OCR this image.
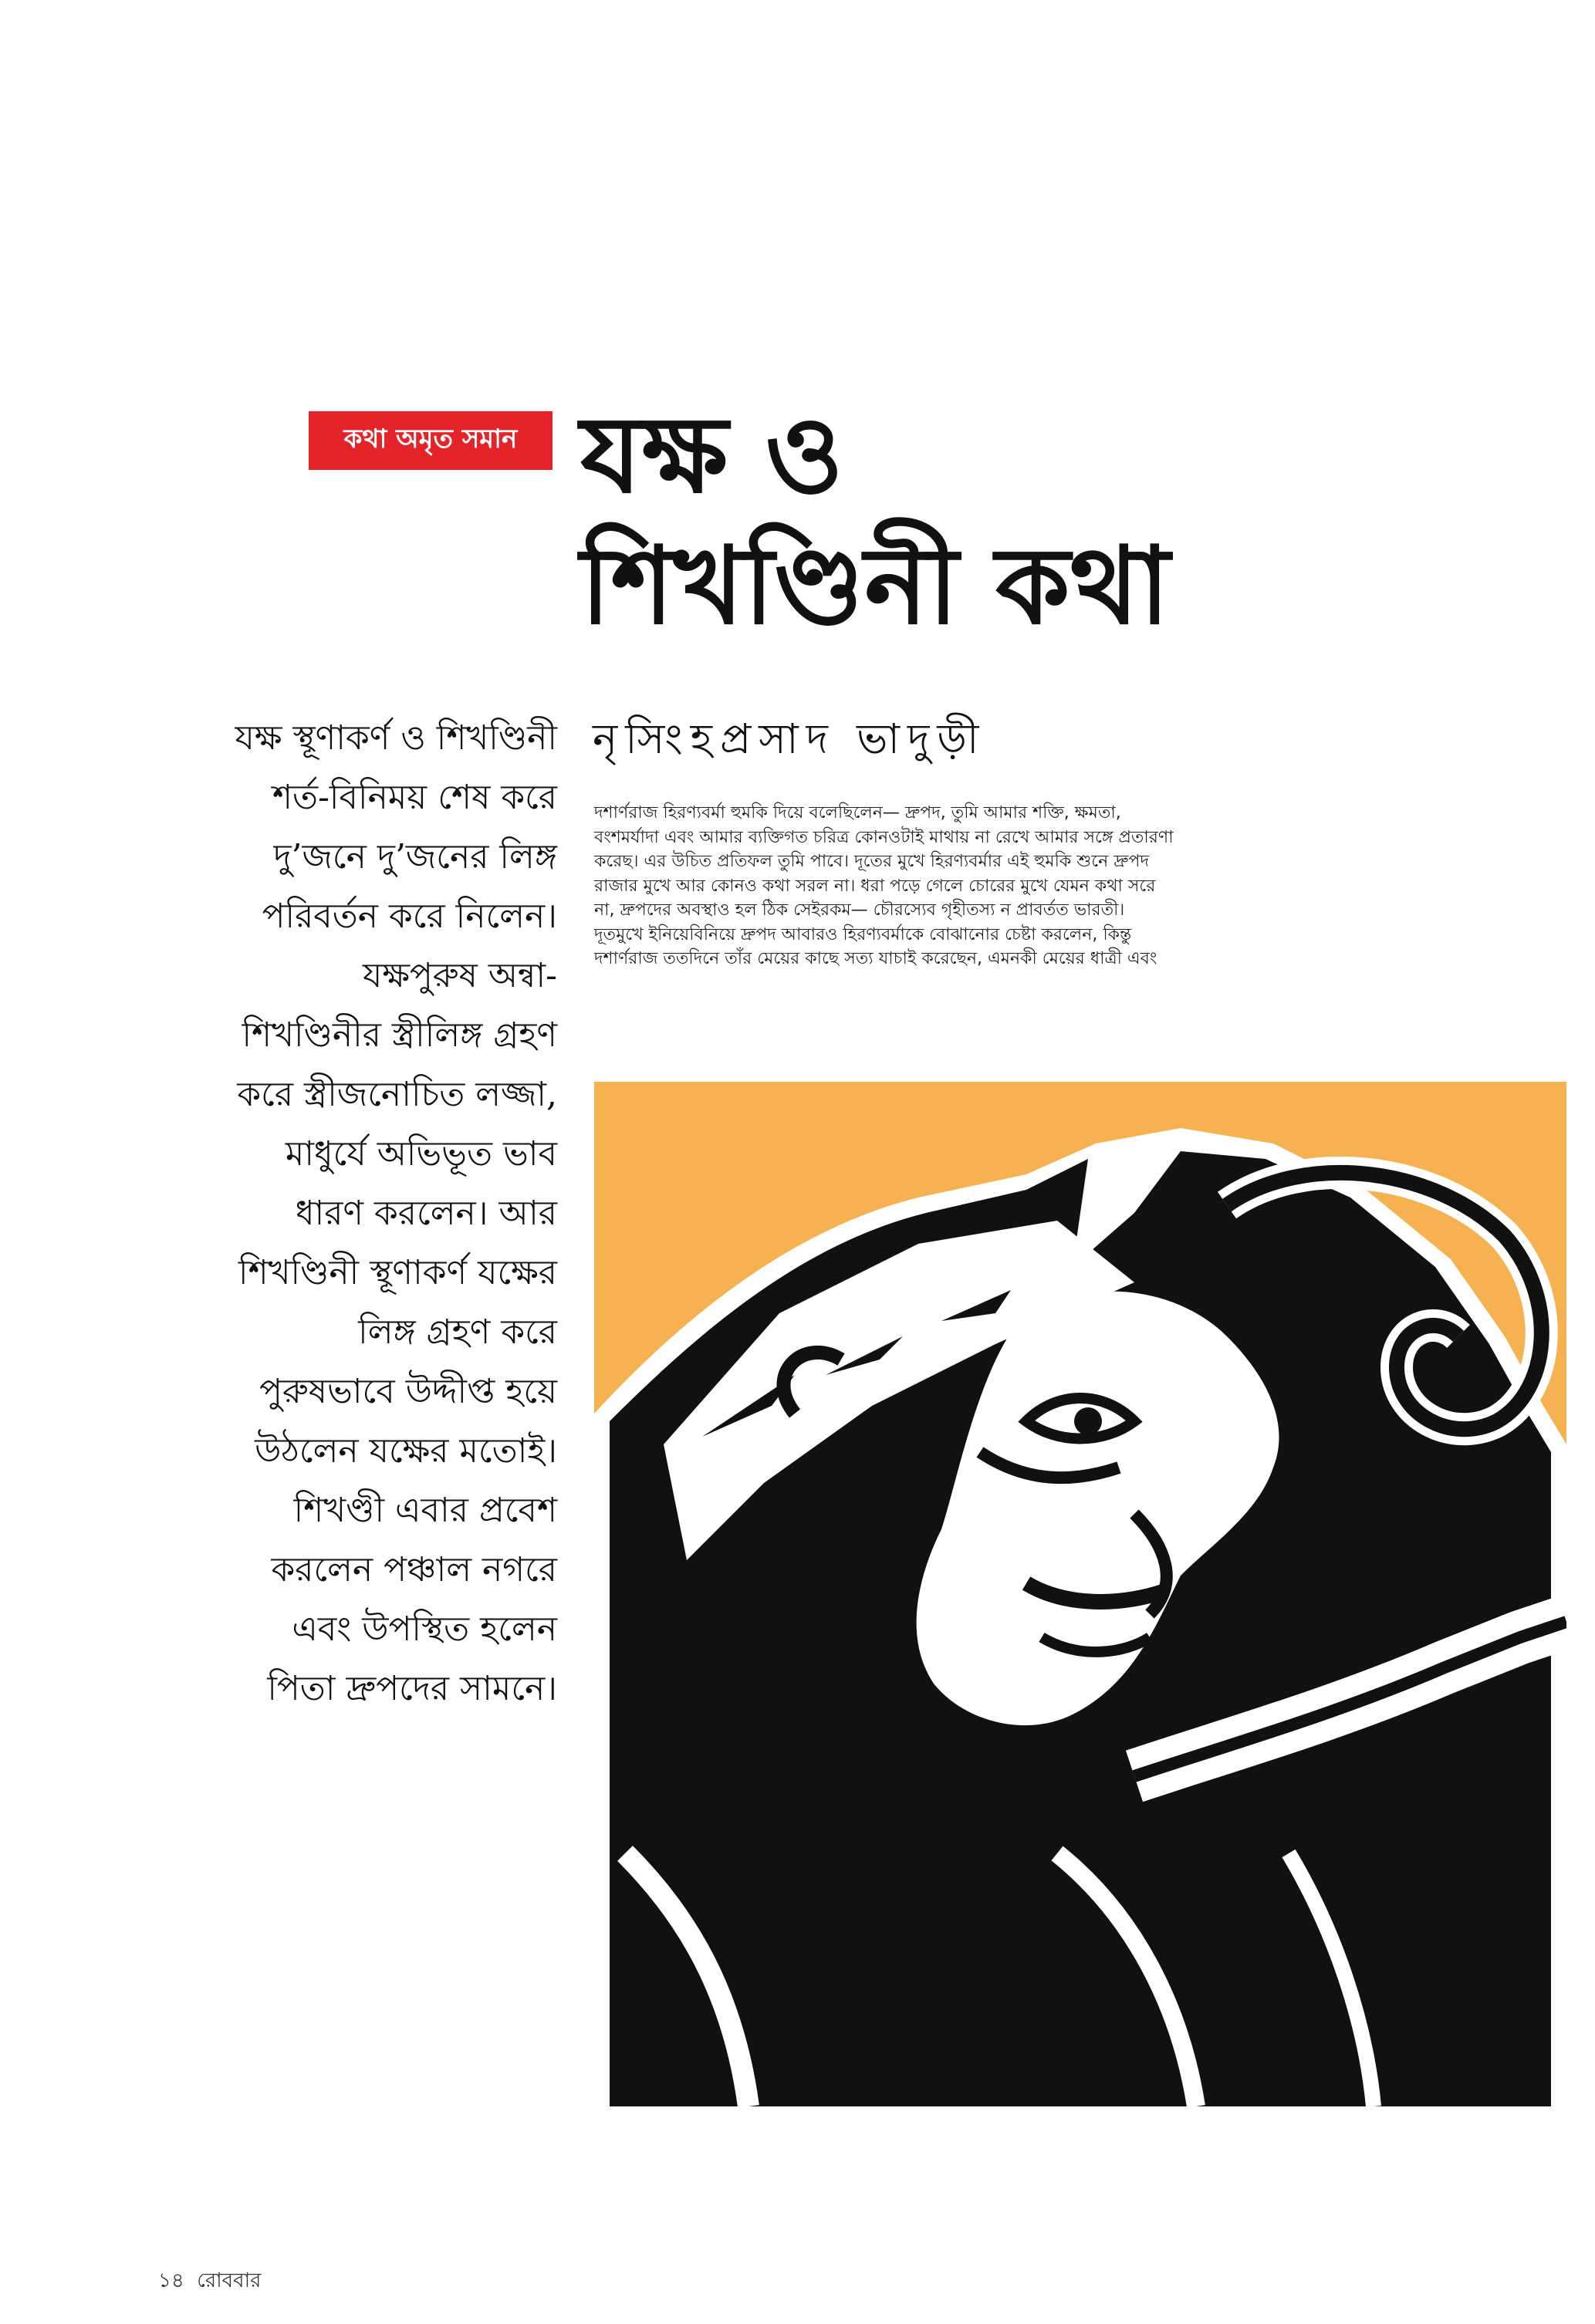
কথা অমৃত সমান যক্ষ ও
শিখণ্ডিনী কথা
যক্ষ স্থূণাকর্ণ ও শিখণ্ডিনী
শর্ত-বিনিময় শেষ করে
দু’জনে দু’জনের লিঙ্গ
পরিবর্তন করে নিলেন।
যক্ষপুরুষ অন্বা-
শিখণ্ডিনীর স্ত্রীলিঙ্গ গ্রহণ
করে স্ত্রীজনোচিত লজ্জা,
মাধুর্যে অভিভূত ভাব
ধারণ করলেন। আর
শিখণ্ডিনী স্থূণাকর্ণ যক্ষের
লিঙ্গ গ্রহণ করে
পুরুষভাবে উদ্দীপ্ত হয়ে
উঠলেন যক্ষের মতোই।
শিখণ্ডী এবার প্রবেশ
করলেন পঞ্চাল নগরে
এবং উপস্থিত হলেন
পিতা দ্রুপদের সামনে।
নৃসিংহপ্রসাদ ভাদুড়ী
দশার্ণরাজ হিরণ্যবর্মা হুমকি দিয়ে বলেছিলেন— দ্রুপদ, তুমি আমার শক্তি, ক্ষমতা,
বংশমর্যাদা এবং আমার ব্যক্তিগত চরিত্র কোনওটাই মাথায় না রেখে আমার সঙ্গে প্রতারণা
করেছ। এর উচিত প্রতিফল তুমি পাবে। দূতের মুখে হিরণ্যবর্মার এই হুমকি শুনে দ্রুপদ
রাজার মুখে আর কোনও কথা সরল না। ধরা পড়ে গেলে চোরের মুখে যেমন কথা সরে
না, দ্রুপদের অবস্থাও হল ঠিক সেইরকম— চৌরস্যেব গৃহীতস্য ন প্রাবর্তত ভারতী।
দূতমুখে ইনিয়েবিনিয়ে দ্রুপদ আবারও হিরণ্যবর্মাকে বোঝানোর চেষ্টা করলেন, কিন্তু
দশার্ণরাজ ততদিনে তাঁর মেয়ের কাছে সত্য যাচাই করেছেন, এমনকী মেয়ের ধাত্রী এবং
১৪ রোববার
